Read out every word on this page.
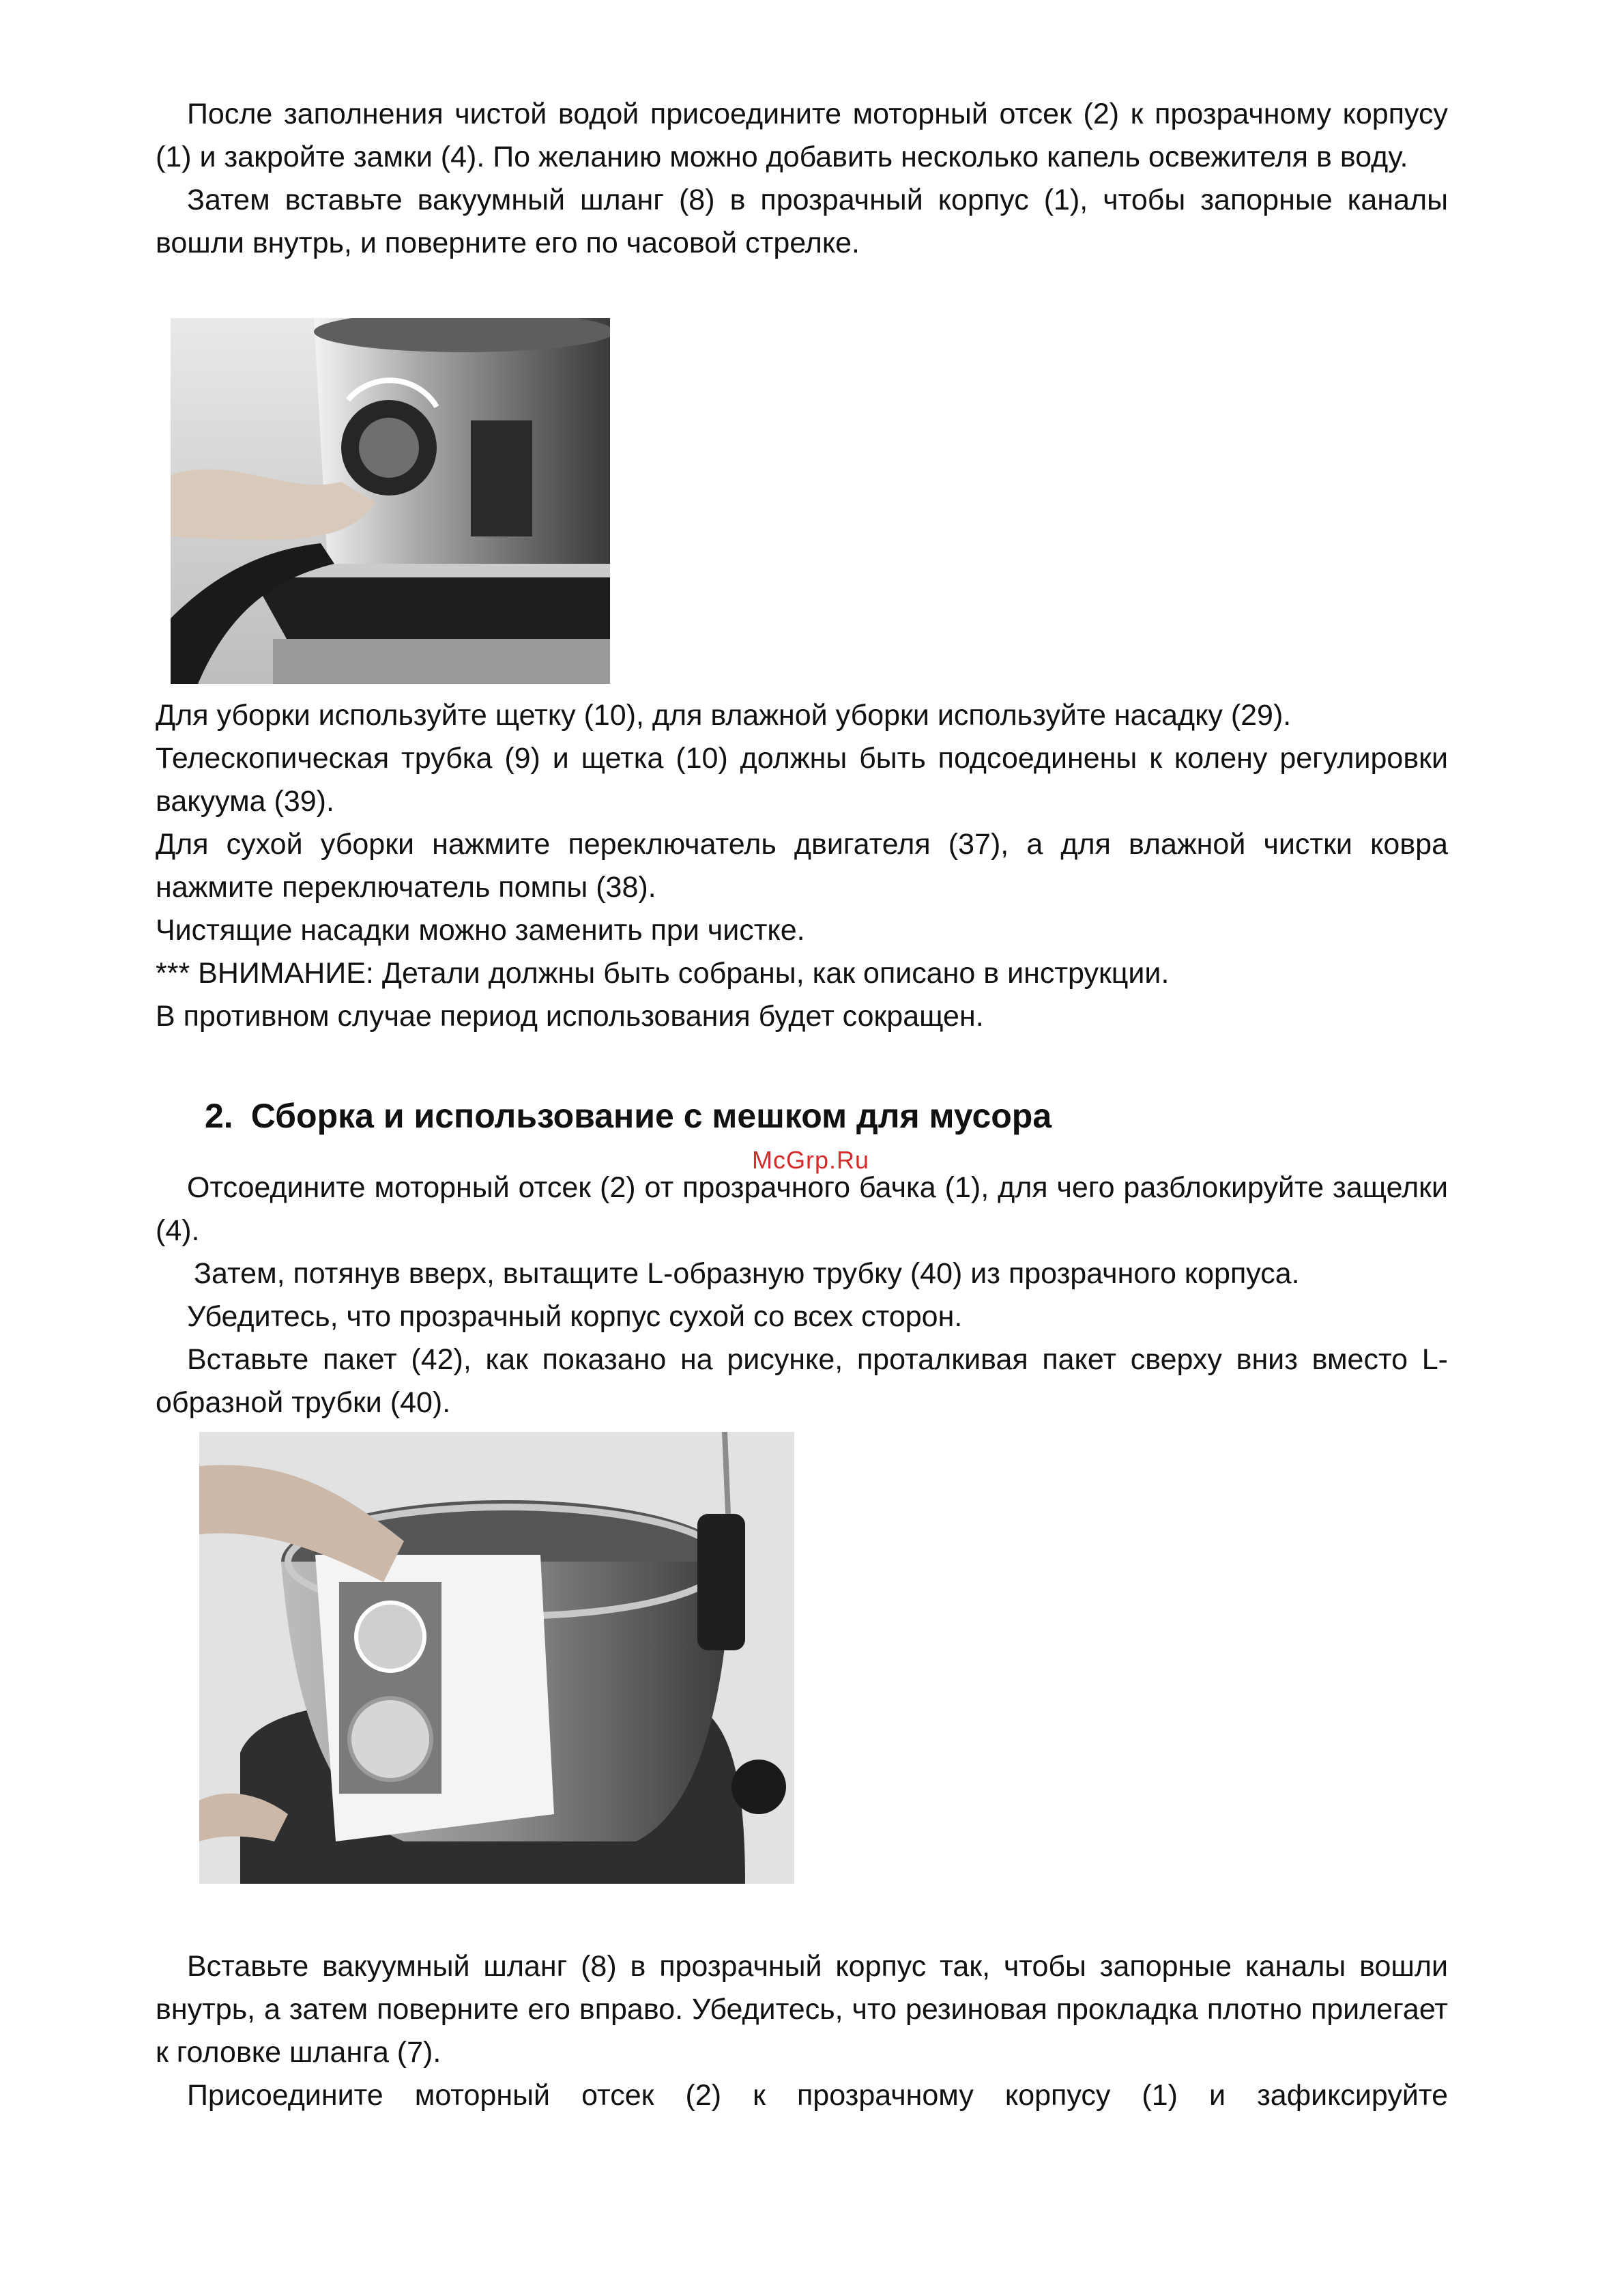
После заполнения чистой водой присоедините моторный отсек (2) к прозрачному корпусу (1) и закройте замки (4). По желанию можно добавить несколько капель освежителя в воду.

Затем вставьте вакуумный шланг (8) в прозрачный корпус (1), чтобы запорные каналы вошли внутрь, и поверните его по часовой стрелке.

Для уборки используйте щетку (10), для влажной уборки используйте насадку (29).

Телескопическая трубка (9) и щетка (10) должны быть подсоединены к колену регулировки вакуума (39).

Для сухой уборки нажмите переключатель двигателя (37), а для влажной чистки ковра нажмите переключатель помпы (38).

Чистящие насадки можно заменить при чистке.

*** ВНИМАНИЕ: Детали должны быть собраны, как описано в инструкции.

В противном случае период использования будет сокращен.

2. Сборка и использование с мешком для мусора
McGrp.Ru

Отсоедините моторный отсек (2) от прозрачного бачка (1), для чего разблокируйте защелки (4).

Затем, потянув вверх, вытащите L-образную трубку (40) из прозрачного корпуса.

Убедитесь, что прозрачный корпус сухой со всех сторон.

Вставьте пакет (42), как показано на рисунке, проталкивая пакет сверху вниз вместо L-образной трубки (40).

Вставьте вакуумный шланг (8) в прозрачный корпус так, чтобы запорные каналы вошли внутрь, а затем поверните его вправо. Убедитесь, что резиновая прокладка плотно прилегает к головке шланга (7).

Присоедините моторный отсек (2) к прозрачному корпусу (1) и зафиксируйте
